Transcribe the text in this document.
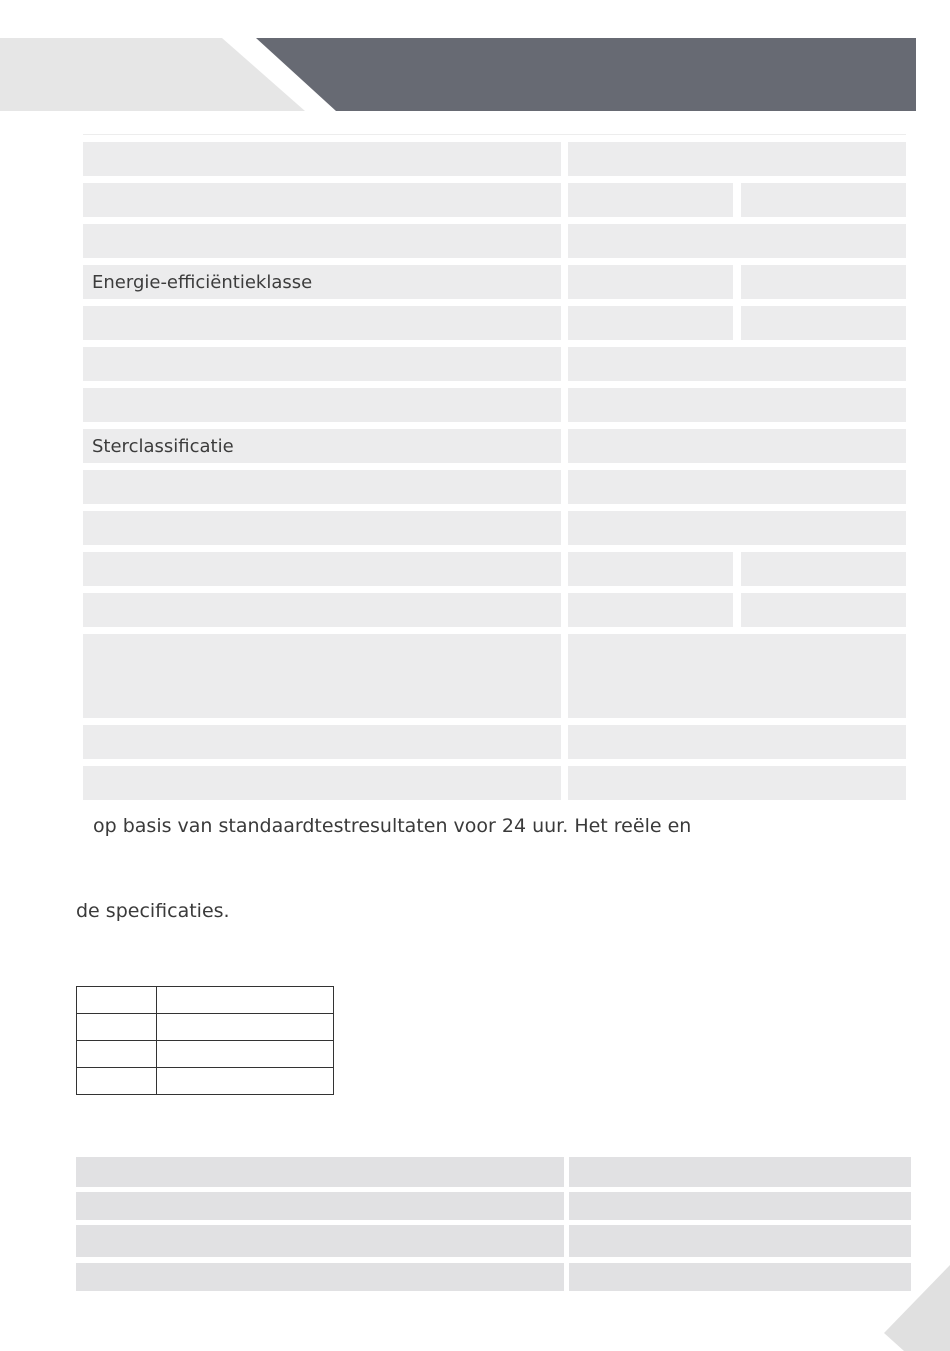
Energie-efficiëntieklasse
Sterclassificatie
op basis van standaardtestresultaten voor 24 uur. Het reële en
de specificaties.
